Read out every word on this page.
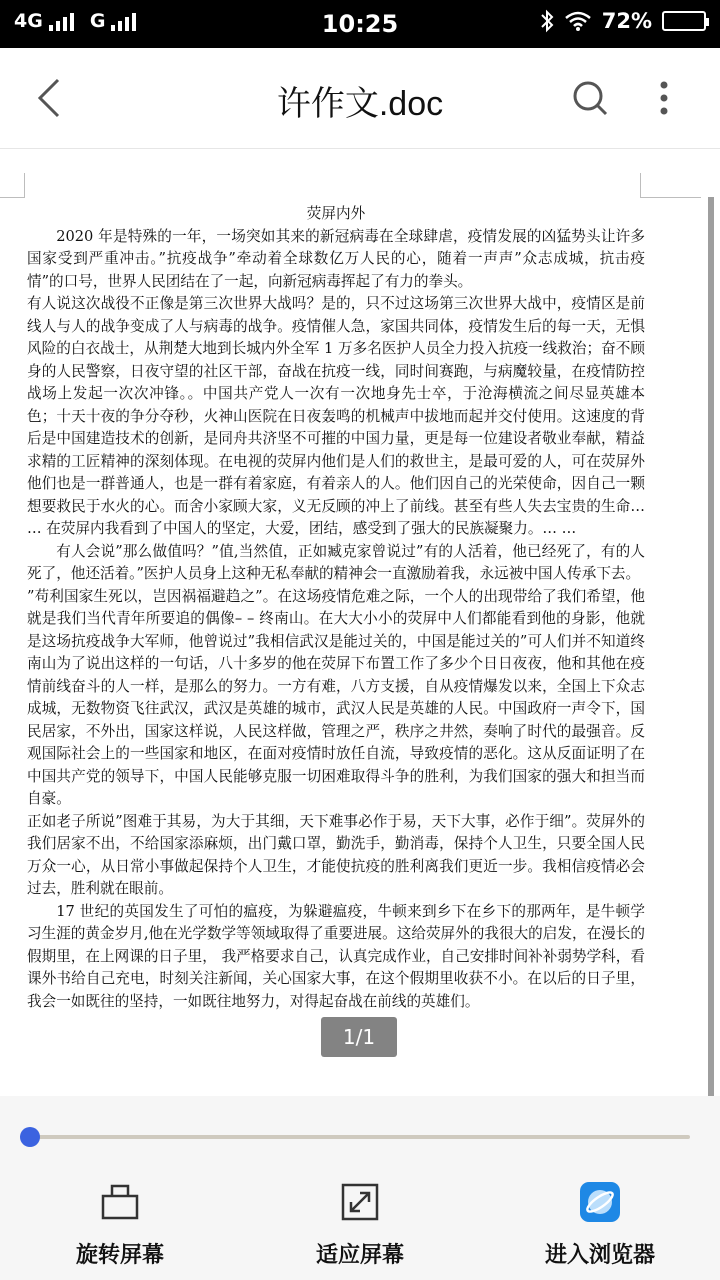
4G G	10:25	72%
许作文.doc

荧屏内外

2020 年是特殊的一年，一场突如其来的新冠病毒在全球肆虐，疫情发展的凶猛势头让许多国家受到严重冲击。”抗疫战争”牵动着全球数亿万人民的心，随着一声声”众志成城，抗击疫情”的口号，世界人民团结在了一起，向新冠病毒挥起了有力的拳头。

有人说这次战役不正像是第三次世界大战吗？是的，只不过这场第三次世界大战中，疫情区是前线人与人的战争变成了人与病毒的战争。疫情催人急，家国共同体，疫情发生后的每一天，无惧风险的白衣战士，从荆楚大地到长城内外全军 1 万多名医护人员全力投入抗疫一线救治；奋不顾身的人民警察，日夜守望的社区干部，奋战在抗疫一线，同时间赛跑，与病魔较量，在疫情防控战场上发起一次次冲锋。。中国共产党人一次有一次地身先士卒，于沧海横流之间尽显英雄本色；十天十夜的争分夺秒，火神山医院在日夜轰鸣的机械声中拔地而起并交付使用。这速度的背后是中国建造技术的创新，是同舟共济坚不可摧的中国力量，更是每一位建设者敬业奉献，精益求精的工匠精神的深刻体现。在电视的荧屏内他们是人们的救世主，是最可爱的人，可在荧屏外他们也是一群普通人，也是一群有着家庭，有着亲人的人。他们因自己的光荣使命，因自己一颗想要救民于水火的心。而舍小家顾大家，义无反顾的冲上了前线。甚至有些人失去宝贵的生命… … 在荧屏内我看到了中国人的坚定，大爱，团结，感受到了强大的民族凝聚力。… …

有人会说”那么做值吗？”值,当然值，正如臧克家曾说过”有的人活着，他已经死了，有的人死了，他还活着。”医护人员身上这种无私奉献的精神会一直激励着我，永远被中国人传承下去。

”苟利国家生死以，岂因祸福避趋之”。在这场疫情危难之际，一个人的出现带给了我们希望，他就是我们当代青年所要追的偶像– – 终南山。在大大小小的荧屏中人们都能看到他的身影，他就是这场抗疫战争大军师，他曾说过”我相信武汉是能过关的，中国是能过关的”可人们并不知道终南山为了说出这样的一句话，八十多岁的他在荧屏下布置工作了多少个日日夜夜，他和其他在疫情前线奋斗的人一样，是那么的努力。一方有难，八方支援，自从疫情爆发以来，全国上下众志成城，无数物资飞往武汉，武汉是英雄的城市，武汉人民是英雄的人民。中国政府一声令下，国民居家，不外出，国家这样说，人民这样做，管理之严，秩序之井然，奏响了时代的最强音。反观国际社会上的一些国家和地区，在面对疫情时放任自流，导致疫情的恶化。这从反面证明了在中国共产党的领导下，中国人民能够克服一切困难取得斗争的胜利，为我们国家的强大和担当而自豪。

正如老子所说”图难于其易，为大于其细，天下难事必作于易，天下大事，必作于细”。荧屏外的我们居家不出，不给国家添麻烦，出门戴口罩，勤洗手，勤消毒，保持个人卫生，只要全国人民万众一心，从日常小事做起保持个人卫生，才能使抗疫的胜利离我们更近一步。我相信疫情必会过去，胜利就在眼前。

17 世纪的英国发生了可怕的瘟疫，为躲避瘟疫，牛顿来到乡下在乡下的那两年，是牛顿学习生涯的黄金岁月,他在光学数学等领域取得了重要进展。这给荧屏外的我很大的启发，在漫长的假期里，在上网课的日子里， 我严格要求自己，认真完成作业，自己安排时间补补弱势学科，看课外书给自己充电，时刻关注新闻，关心国家大事，在这个假期里收获不小。在以后的日子里，我会一如既往的坚持，一如既往地努力，对得起奋战在前线的英雄们。

1/1
旋转屏幕	适应屏幕	进入浏览器
